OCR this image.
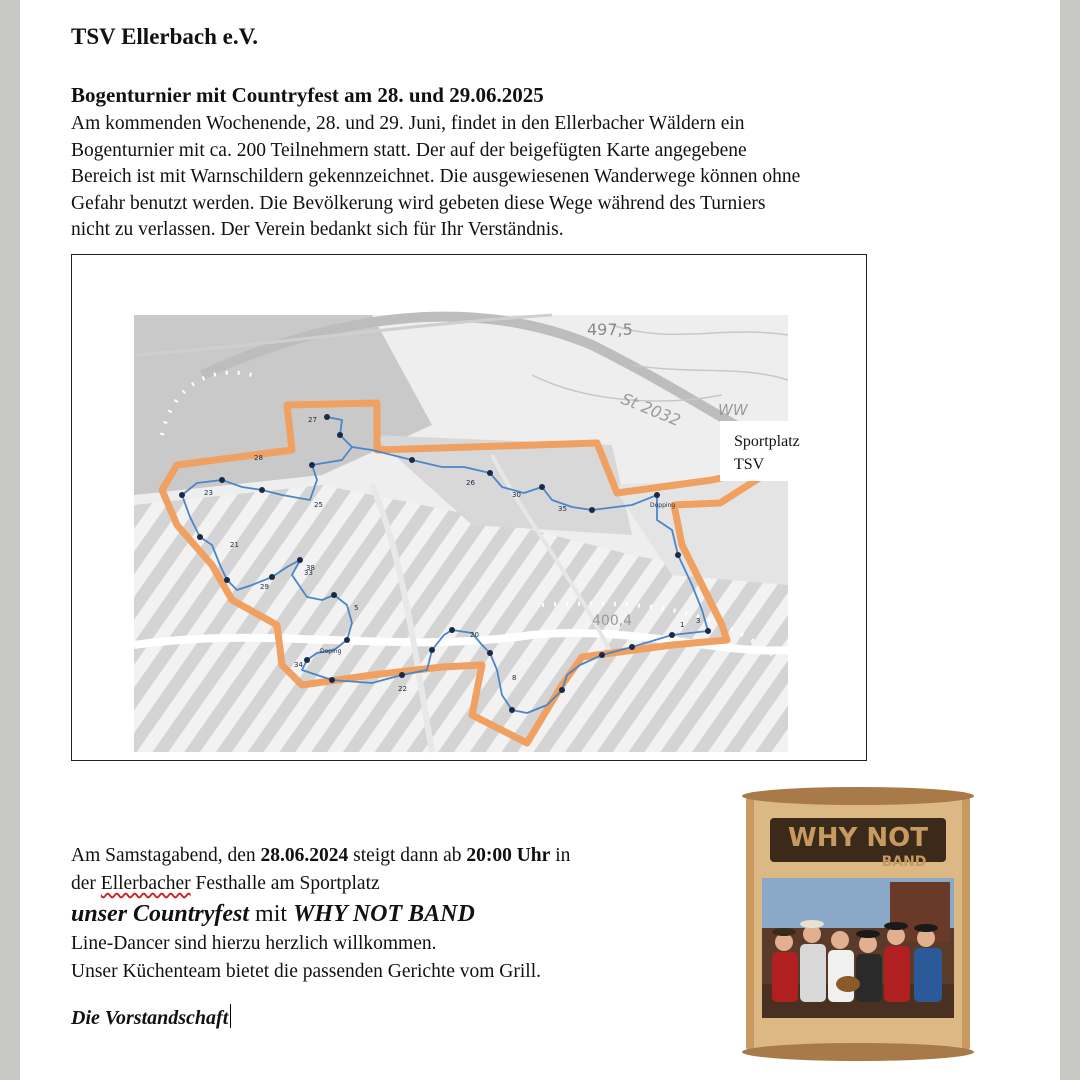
TSV Ellerbach e.V.
Bogenturnier mit Countryfest am 28. und 29.06.2025
Am kommenden Wochenende, 28. und 29. Juni, findet in den Ellerbacher Wäldern ein
Bogenturnier mit ca. 200 Teilnehmern statt. Der auf der beigefügten Karte angegebene
Bereich ist mit Warnschildern gekennzeichnet. Die ausgewiesenen Wanderwege können ohne
Gefahr benutzt werden. Die Bevölkerung wird gebeten diese Wege während des Turniers
nicht zu verlassen. Der Verein bedankt sich für Ihr Verständnis.
27
23
26
25
21
28
30
35
33
34
29
38
20
22
8
1 3
5
497,5
400,4
St 2032 WW
Dopping
Doping
Sportplatz
TSV
Am Samstagabend, den 28.06.2024 steigt dann ab 20:00 Uhr in
der Ellerbacher Festhalle am Sportplatz
unser Countryfest mit WHY NOT BAND
Line-Dancer sind hierzu herzlich willkommen.
Unser Küchenteam bietet die passenden Gerichte vom Grill.
Die Vorstandschaft
WHY NOT
BAND
